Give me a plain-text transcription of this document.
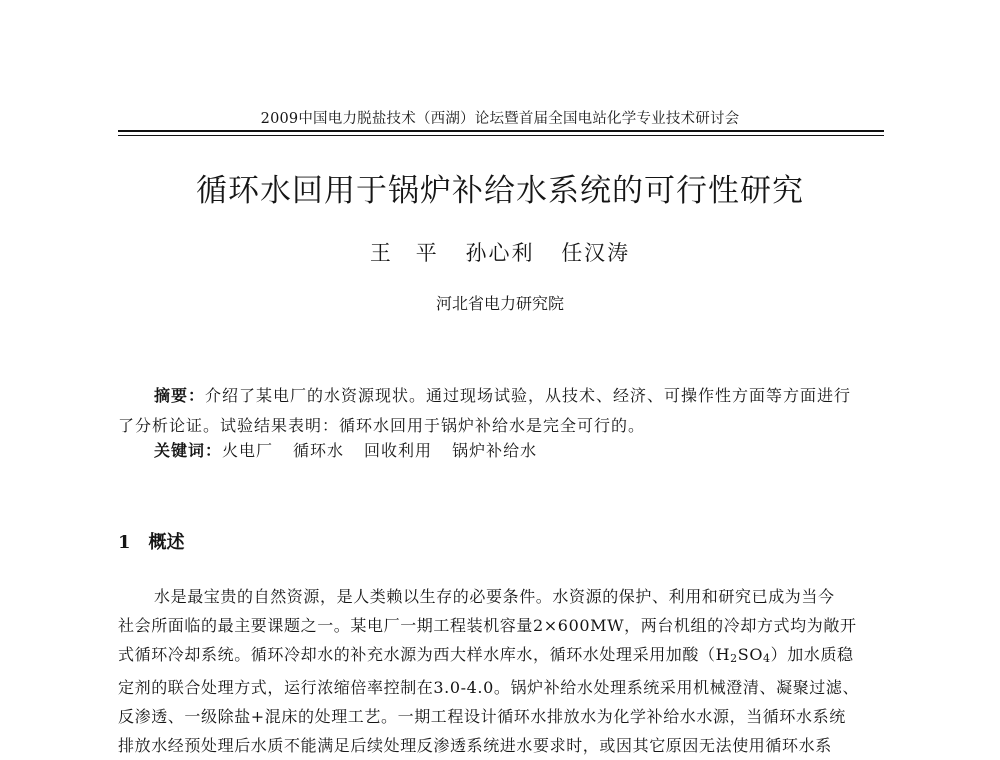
2009中国电力脱盐技术（西湖）论坛暨首届全国电站化学专业技术研讨会
循环水回用于锅炉补给水系统的可行性研究
王　平 孙心利 任汉涛
河北省电力研究院
摘要：介绍了某电厂的水资源现状。通过现场试验，从技术、经济、可操作性方面等方面进行
了分析论证。试验结果表明：循环水回用于锅炉补给水是完全可行的。
关键词：火电厂 循环水 回收利用 锅炉补给水
1 概述

水是最宝贵的自然资源，是人类赖以生存的必要条件。水资源的保护、利用和研究已成为当今

社会所面临的最主要课题之一。某电厂一期工程装机容量2×600MW，两台机组的冷却方式均为敞开

式循环冷却系统。循环冷却水的补充水源为西大样水库水，循环水处理采用加酸（H2SO4）加水质稳

定剂的联合处理方式，运行浓缩倍率控制在3.0-4.0。锅炉补给水处理系统采用机械澄清、凝聚过滤、

反渗透、一级除盐+混床的处理工艺。一期工程设计循环水排放水为化学补给水水源，当循环水系统

排放水经预处理后水质不能满足后续处理反渗透系统进水要求时，或因其它原因无法使用循环水系
